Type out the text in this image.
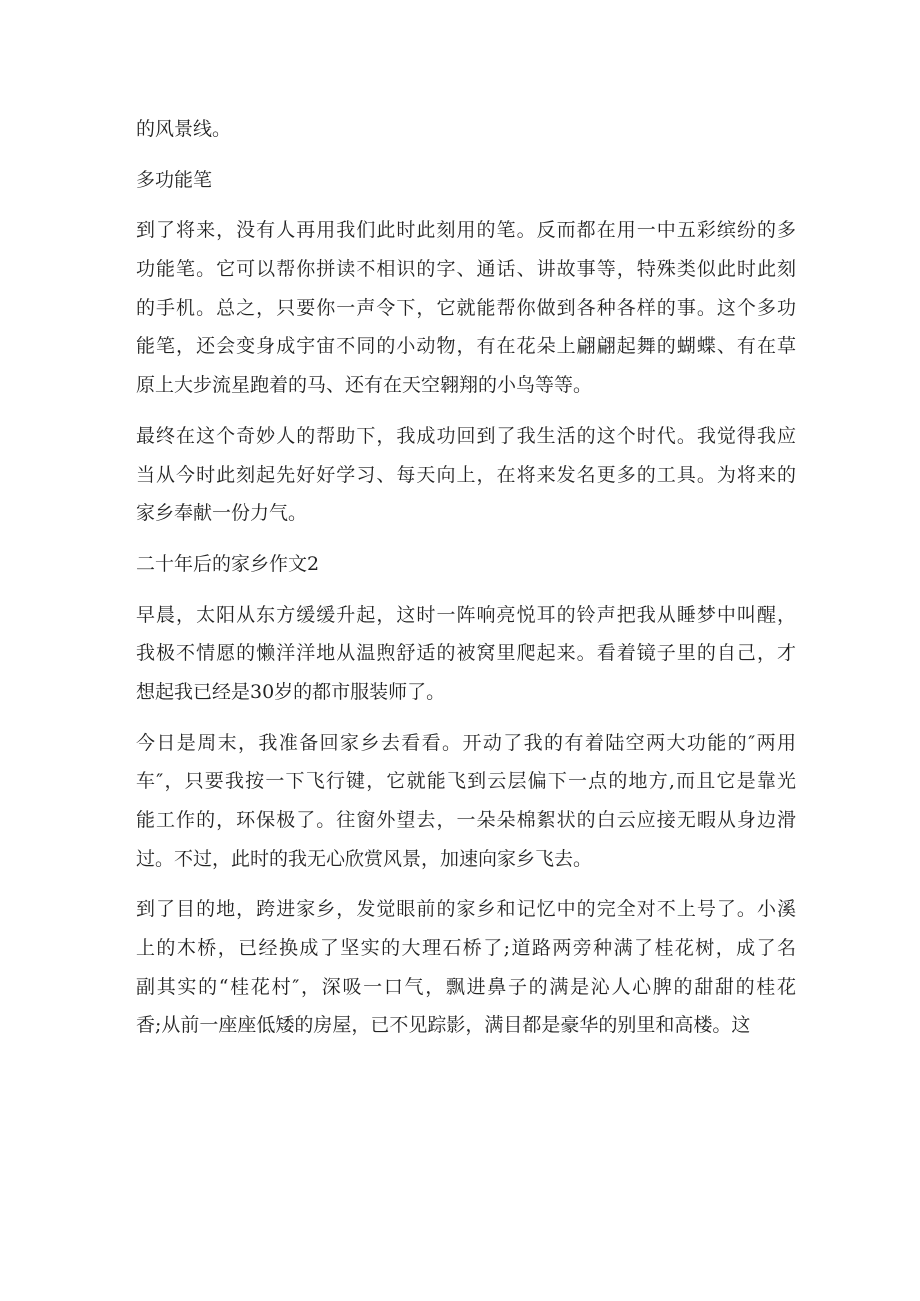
的风景线。
多功能笔
到了将来，没有人再用我们此时此刻用的笔。反而都在用一中五彩缤纷的多
功能笔。它可以帮你拼读不相识的字、通话、讲故事等，特殊类似此时此刻
的手机。总之，只要你一声令下，它就能帮你做到各种各样的事。这个多功
能笔，还会变身成宇宙不同的小动物，有在花朵上翩翩起舞的蝴蝶、有在草
原上大步流星跑着的马、还有在天空翱翔的小鸟等等。
最终在这个奇妙人的帮助下，我成功回到了我生活的这个时代。我觉得我应
当从今时此刻起先好好学习、每天向上，在将来发名更多的工具。为将来的
家乡奉献一份力气。
二十年后的家乡作文2
早晨，太阳从东方缓缓升起，这时一阵响亮悦耳的铃声把我从睡梦中叫醒，
我极不情愿的懒洋洋地从温煦舒适的被窝里爬起来。看着镜子里的自己，才
想起我已经是30岁的都市服装师了。
今日是周末，我准备回家乡去看看。开动了我的有着陆空两大功能的″两用
车″，只要我按一下飞行键，它就能飞到云层偏下一点的地方,而且它是靠光
能工作的，环保极了。往窗外望去，一朵朵棉絮状的白云应接无暇从身边滑
过。不过，此时的我无心欣赏风景，加速向家乡飞去。
到了目的地，跨进家乡，发觉眼前的家乡和记忆中的完全对不上号了。小溪
上的木桥，已经换成了坚实的大理石桥了;道路两旁种满了桂花树，成了名
副其实的“桂花村″，深吸一口气，飘进鼻子的满是沁人心脾的甜甜的桂花
香;从前一座座低矮的房屋，已不见踪影，满目都是豪华的别里和高楼。这
